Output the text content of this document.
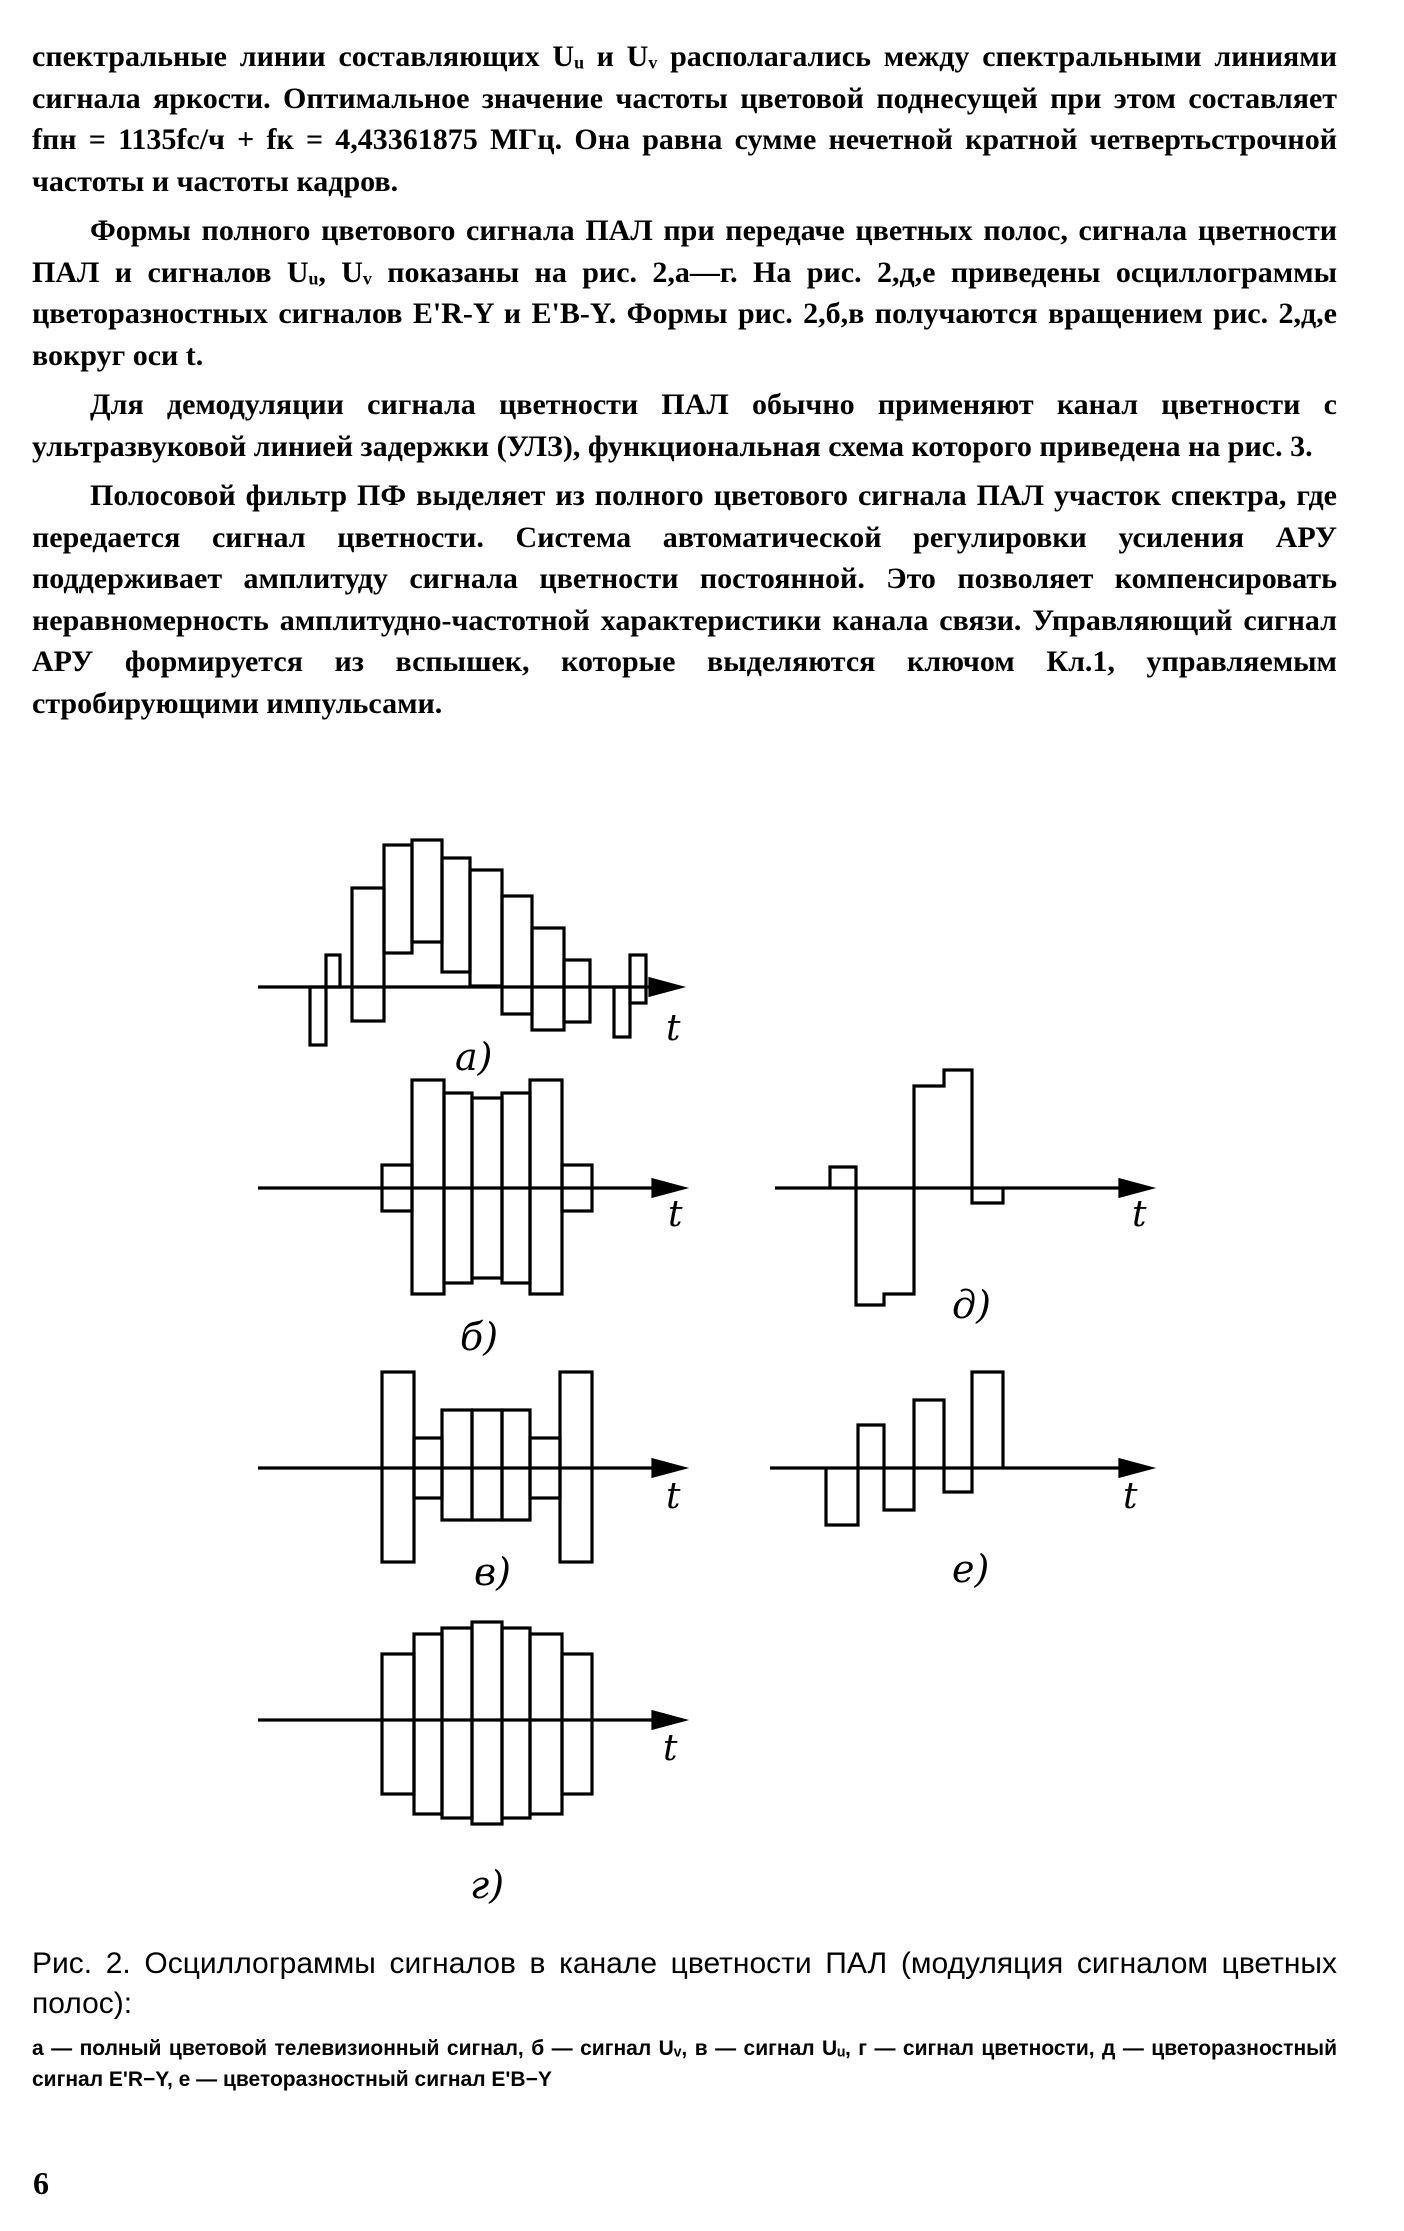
спектральные линии составляющих Uᵤ и Uᵥ располагались между спектральными линиями сигнала яркости. Оптимальное значение частоты цветовой поднесущей при этом составляет fпн = 1135fс/ч + fк = 4,43361875 МГц. Она равна сумме нечетной кратной четвертьстрочной частоты и частоты кадров.

Формы полного цветового сигнала ПАЛ при передаче цветных полос, сигнала цветности ПАЛ и сигналов Uᵤ, Uᵥ показаны на рис. 2,а—г. На рис. 2,д,е приведены осциллограммы цветоразностных сигналов E'R-Y и E'B-Y. Формы рис. 2,б,в получаются вращением рис. 2,д,е вокруг оси t.

Для демодуляции сигнала цветности ПАЛ обычно применяют канал цветности с ультразвуковой линией задержки (УЛЗ), функциональная схема которого приведена на рис. 3.

Полосовой фильтр ПФ выделяет из полного цветового сигнала ПАЛ участок спектра, где передается сигнал цветности. Система автоматической регулировки усиления АРУ поддерживает амплитуду сигнала цветности постоянной. Это позволяет компенсировать неравномерность амплитудно-частотной характеристики канала связи. Управляющий сигнал АРУ формируется из вспышек, которые выделяются ключом Кл.1, управляемым стробирующими импульсами.

t
а)
t
б)
t
в)
t
г)
t
д)
t
е)
Рис. 2. Осциллограммы сигналов в канале цветности ПАЛ (модуляция сигналом цветных полос):
а — полный цветовой телевизионный сигнал, б — сигнал Uᵥ, в — сигнал Uᵤ, г — сигнал цветности, д — цветоразностный сигнал E'R−Y, е — цветоразностный сигнал E'B−Y
6
